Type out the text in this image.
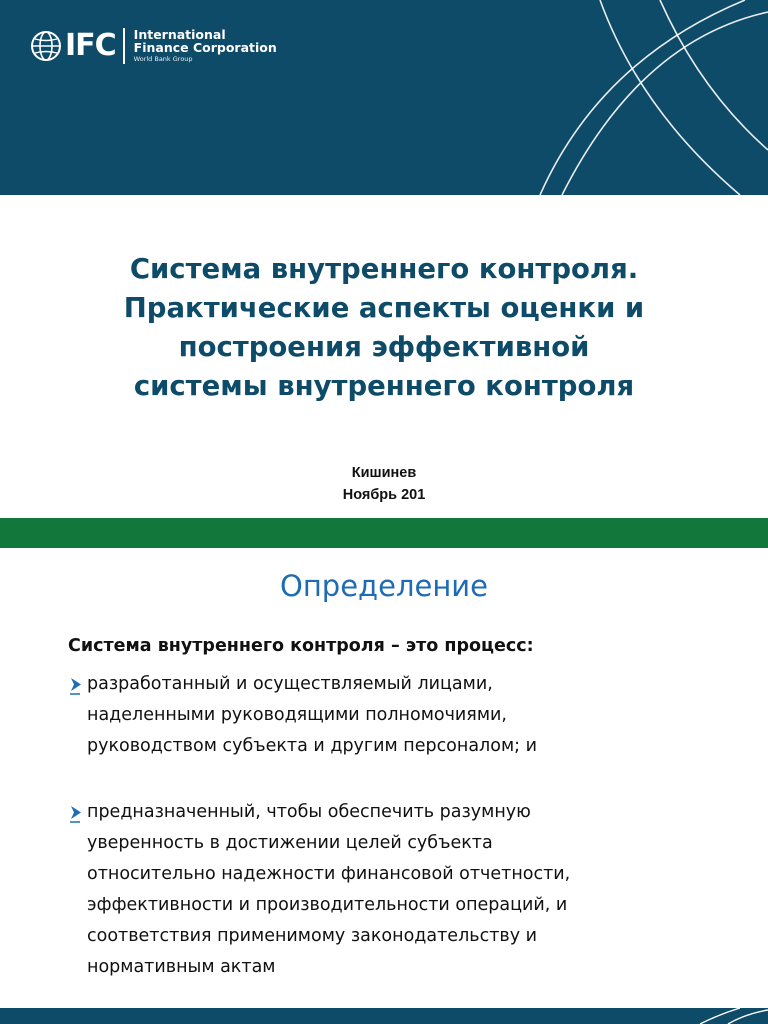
IFC International
Finance Corporation
World Bank Group
Система внутреннего контроля.
Практические аспекты оценки и
построения эффективной
системы внутреннего контроля
Кишинев
Ноябрь 201
Определение
Система внутреннего контроля – это процесс:
разработанный и осуществляемый лицами,
наделенными руководящими полномочиями,
руководством субъекта и другим персоналом; и
предназначенный, чтобы обеспечить разумную
уверенность в достижении целей субъекта
относительно надежности финансовой отчетности,
эффективности и производительности операций, и
соответствия применимому законодательству и
нормативным актам
